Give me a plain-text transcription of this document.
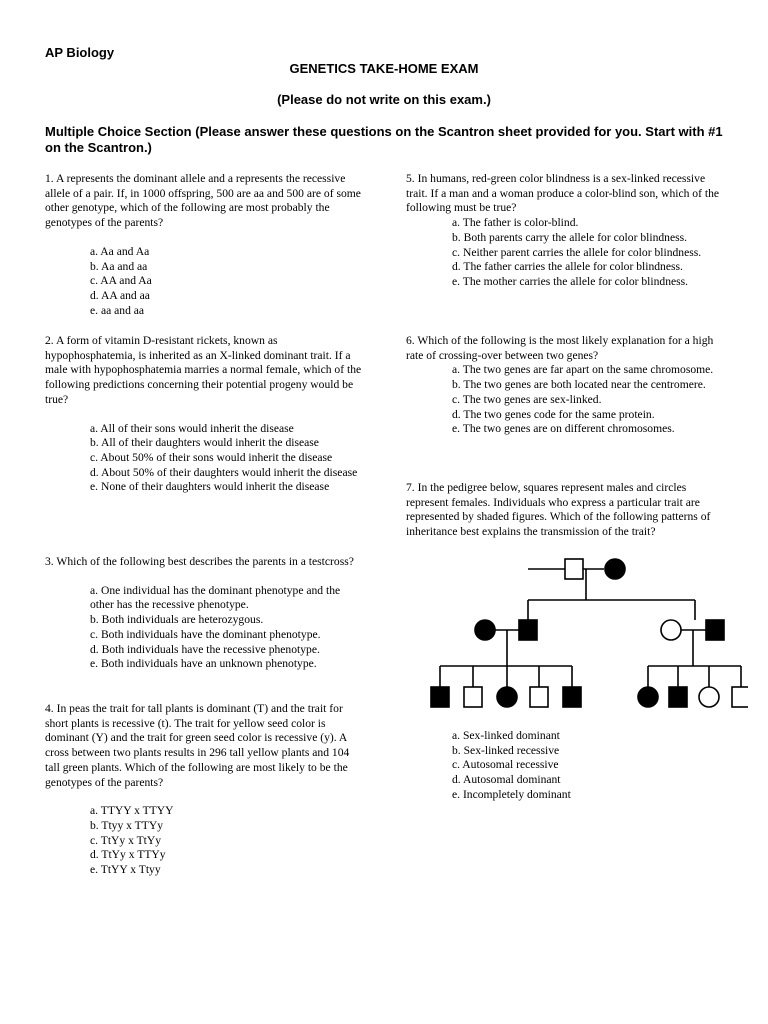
AP Biology
GENETICS TAKE-HOME EXAM
(Please do not write on this exam.)
Multiple Choice Section (Please answer these questions on the Scantron sheet provided for you. Start with #1 on the Scantron.)

1. A represents the dominant allele and a represents the recessive allele of a pair. If, in 1000 offspring, 500 are aa and 500 are of some other genotype, which of the following are most probably the genotypes of the parents?

a. Aa and Aa
b. Aa and aa
c. AA and Aa
d. AA and aa
e. aa and aa

2. A form of vitamin D-resistant rickets, known as hypophosphatemia, is inherited as an X-linked dominant trait. If a male with hypophosphatemia marries a normal female, which of the following predictions concerning their potential progeny would be true?

a. All of their sons would inherit the disease
b. All of their daughters would inherit the disease
c. About 50% of their sons would inherit the disease
d. About 50% of their daughters would inherit the disease
e. None of their daughters would inherit the disease

3. Which of the following best describes the parents in a testcross?

a. One individual has the dominant phenotype and the other has the recessive phenotype.
b. Both individuals are heterozygous.
c. Both individuals have the dominant phenotype.
d. Both individuals have the recessive phenotype.
e. Both individuals have an unknown phenotype.

4. In peas the trait for tall plants is dominant (T) and the trait for short plants is recessive (t). The trait for yellow seed color is dominant (Y) and the trait for green seed color is recessive (y). A cross between two plants results in 296 tall yellow plants and 104 tall green plants. Which of the following are most likely to be the genotypes of the parents?

a. TTYY x TTYY
b. Ttyy x TTYy
c. TtYy x TtYy
d. TtYy x TTYy
e. TtYY x Ttyy

5. In humans, red-green color blindness is a sex-linked recessive trait. If a man and a woman produce a color-blind son, which of the following must be true?

a. The father is color-blind.
b. Both parents carry the allele for color blindness.
c. Neither parent carries the allele for color blindness.
d. The father carries the allele for color blindness.
e. The mother carries the allele for color blindness.

6. Which of the following is the most likely explanation for a high rate of crossing-over between two genes?

a. The two genes are far apart on the same chromosome.
b. The two genes are both located near the centromere.
c. The two genes are sex-linked.
d. The two genes code for the same protein.
e. The two genes are on different chromosomes.

7. In the pedigree below, squares represent males and circles represent females. Individuals who express a particular trait are represented by shaded figures. Which of the following patterns of inheritance best explains the transmission of the trait?

a. Sex-linked dominant
b. Sex-linked recessive
c. Autosomal recessive
d. Autosomal dominant
e. Incompletely dominant
